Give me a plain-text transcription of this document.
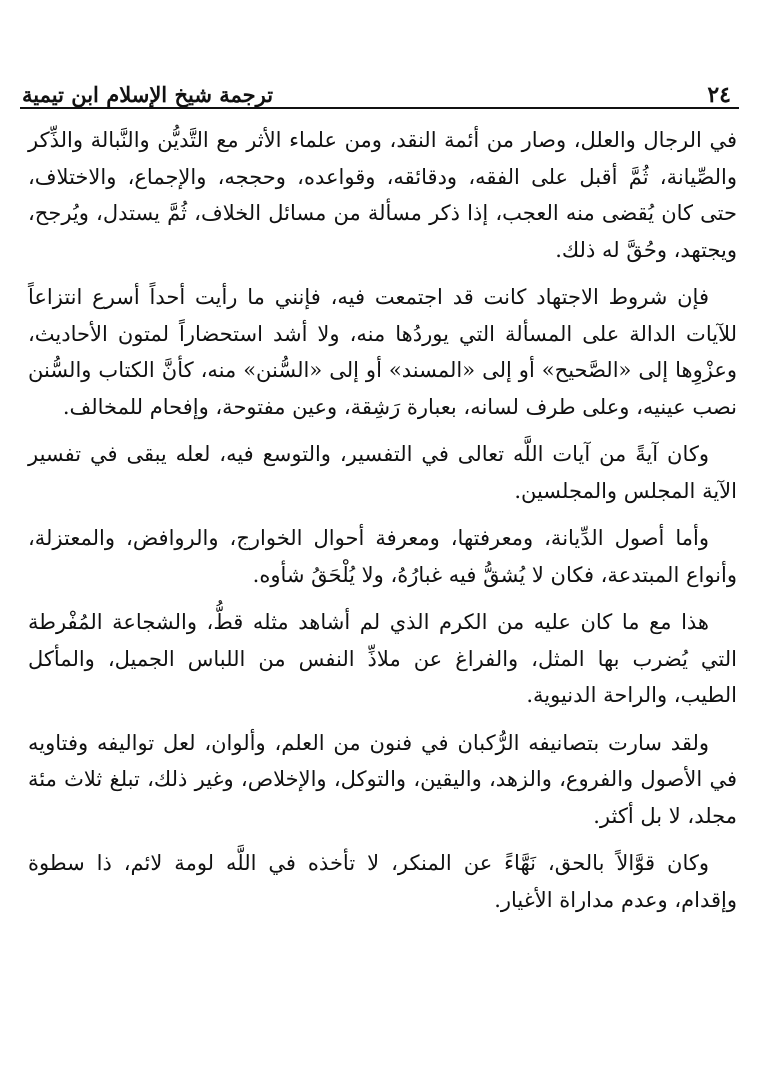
٢٤
ترجمة شيخ الإسلام ابن تيمية

في الرجال والعلل، وصار من أئمة النقد، ومن علماء الأثر مع التَّديُّن والنَّبالة والذِّكر والصِّيانة، ثُمَّ أقبل على الفقه، ودقائقه، وقواعده، وحججه، والإجماع، والاختلاف، حتى كان يُقضى منه العجب، إذا ذكر مسألة من مسائل الخلاف، ثُمَّ يستدل، ويُرجح، ويجتهد، وحُقَّ له ذلك.

فإن شروط الاجتهاد كانت قد اجتمعت فيه، فإنني ما رأيت أحداً أسرع انتزاعاً للآيات الدالة على المسألة التي يوردُها منه، ولا أشد استحضاراً لمتون الأحاديث، وعزْوِها إلى «الصَّحيح» أو إلى «المسند» أو إلى «السُّنن» منه، كأنَّ الكتاب والسُّنن نصب عينيه، وعلى طرف لسانه، بعبارة رَشِقة، وعين مفتوحة، وإفحام للمخالف.

وكان آيةً من آيات اللَّه تعالى في التفسير، والتوسع فيه، لعله يبقى في تفسير الآية المجلس والمجلسين.

وأما أصول الدِّيانة، ومعرفتها، ومعرفة أحوال الخوارج، والروافض، والمعتزلة، وأنواع المبتدعة، فكان لا يُشقُّ فيه غبارُهُ، ولا يُلْحَقُ شأوه.

هذا مع ما كان عليه من الكرم الذي لم أشاهد مثله قطُّ، والشجاعة المُفْرطة التي يُضرب بها المثل، والفراغ عن ملاذِّ النفس من اللباس الجميل، والمأكل الطيب، والراحة الدنيوية.

ولقد سارت بتصانيفه الرُّكبان في فنون من العلم، وألوان، لعل تواليفه وفتاويه في الأصول والفروع، والزهد، واليقين، والتوكل، والإخلاص، وغير ذلك، تبلغ ثلاث مئة مجلد، لا بل أكثر.

وكان قوَّالاً بالحق، نَهَّاءً عن المنكر، لا تأخذه في اللَّه لومة لائم، ذا سطوة وإقدام، وعدم مداراة الأغيار.
